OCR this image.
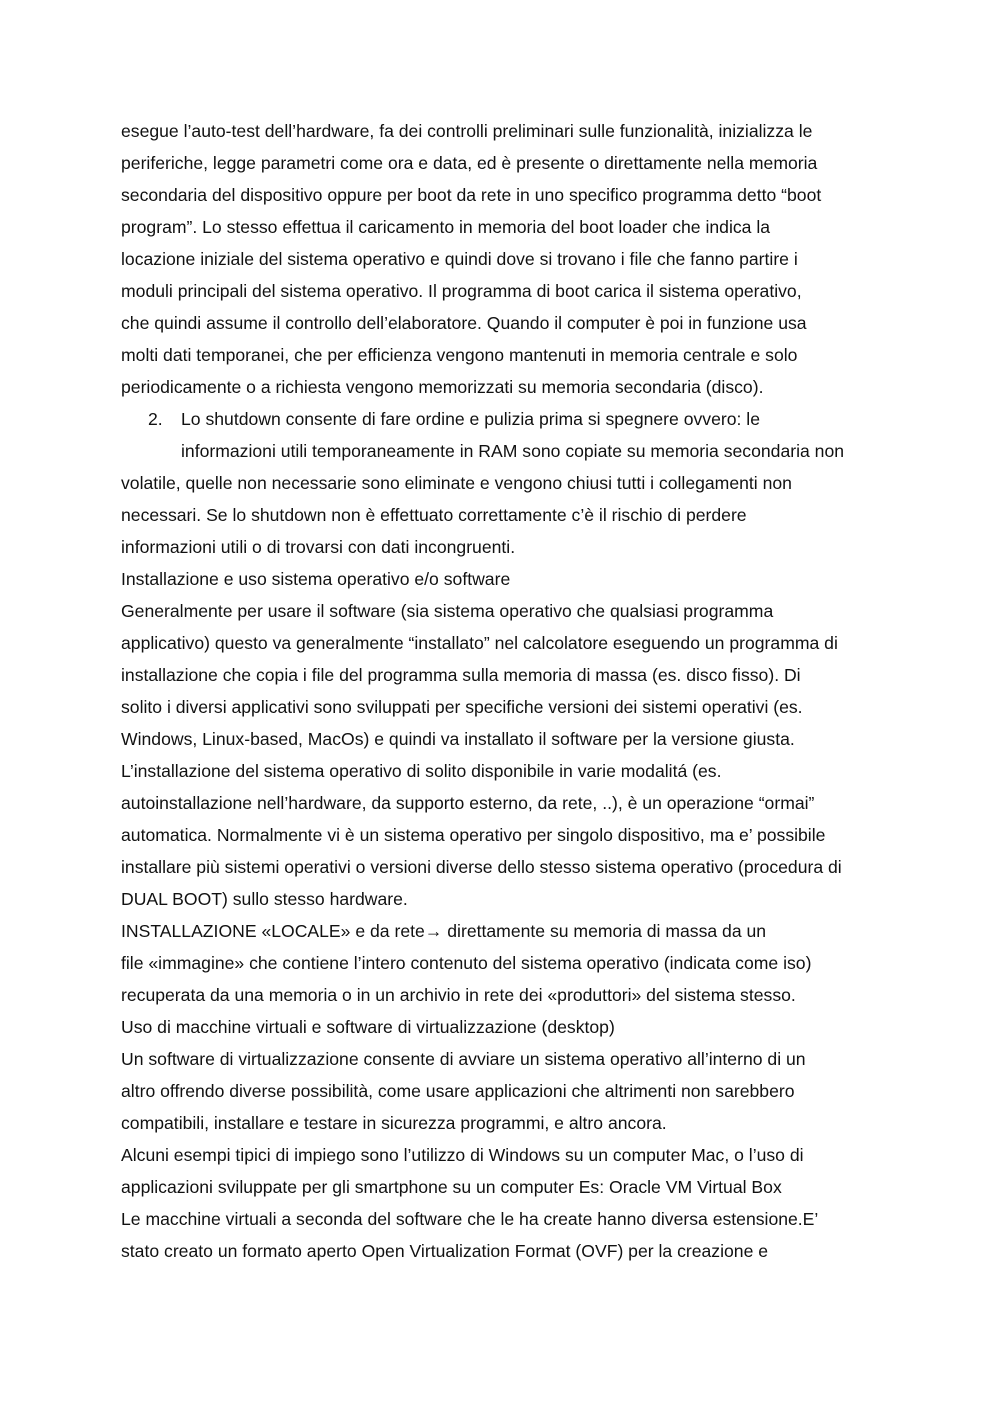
esegue l’auto-test dell’hardware, fa dei controlli preliminari sulle funzionalità, inizializza le
periferiche, legge parametri come ora e data, ed è presente o direttamente nella memoria
secondaria del dispositivo oppure per boot da rete in uno specifico programma detto “boot
program”. Lo stesso effettua il caricamento in memoria del boot loader che indica la
locazione iniziale del sistema operativo e quindi dove si trovano i file che fanno partire i
moduli principali del sistema operativo. Il programma di boot carica il sistema operativo,
che quindi assume il controllo dell’elaboratore. Quando il computer è poi in funzione usa
molti dati temporanei, che per efficienza vengono mantenuti in memoria centrale e solo
periodicamente o a richiesta vengono memorizzati su memoria secondaria (disco).
2. Lo shutdown consente di fare ordine e pulizia prima si spegnere ovvero: le
informazioni utili temporaneamente in RAM sono copiate su memoria secondaria non
volatile, quelle non necessarie sono eliminate e vengono chiusi tutti i collegamenti non
necessari. Se lo shutdown non è effettuato correttamente c’è il rischio di perdere
informazioni utili o di trovarsi con dati incongruenti.
Installazione e uso sistema operativo e/o software
Generalmente per usare il software (sia sistema operativo che qualsiasi programma
applicativo) questo va generalmente “installato” nel calcolatore eseguendo un programma di
installazione che copia i file del programma sulla memoria di massa (es. disco fisso). Di
solito i diversi applicativi sono sviluppati per specifiche versioni dei sistemi operativi (es.
Windows, Linux-based, MacOs) e quindi va installato il software per la versione giusta.
L’installazione del sistema operativo di solito disponibile in varie modalitá (es.
autoinstallazione nell’hardware, da supporto esterno, da rete, ..), è un operazione “ormai”
automatica. Normalmente vi è un sistema operativo per singolo dispositivo, ma e’ possibile
installare più sistemi operativi o versioni diverse dello stesso sistema operativo (procedura di
DUAL BOOT) sullo stesso hardware.
INSTALLAZIONE «LOCALE» e da rete→ direttamente su memoria di massa da un
file «immagine» che contiene l’intero contenuto del sistema operativo (indicata come iso)
recuperata da una memoria o in un archivio in rete dei «produttori» del sistema stesso.
Uso di macchine virtuali e software di virtualizzazione (desktop)
Un software di virtualizzazione consente di avviare un sistema operativo all’interno di un
altro offrendo diverse possibilità, come usare applicazioni che altrimenti non sarebbero
compatibili, installare e testare in sicurezza programmi, e altro ancora.
Alcuni esempi tipici di impiego sono l’utilizzo di Windows su un computer Mac, o l’uso di
applicazioni sviluppate per gli smartphone su un computer Es: Oracle VM Virtual Box
Le macchine virtuali a seconda del software che le ha create hanno diversa estensione.E’
stato creato un formato aperto Open Virtualization Format (OVF) per la creazione e
